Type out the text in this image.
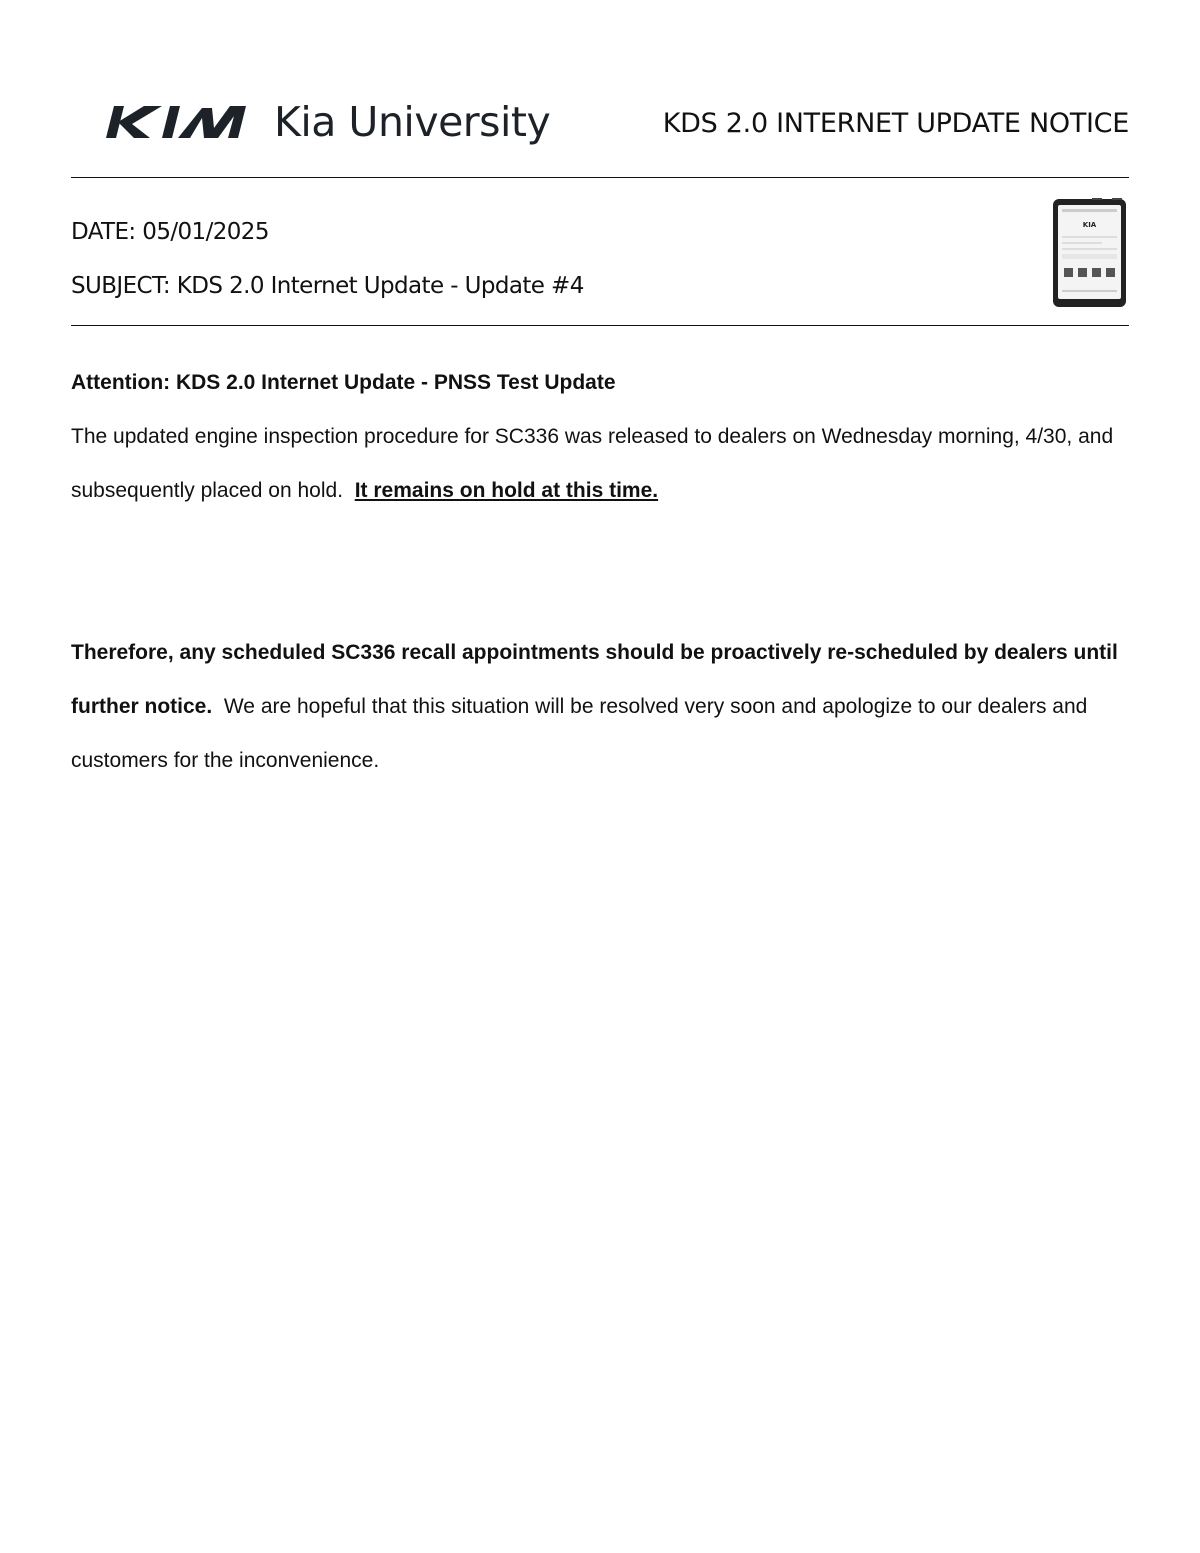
Kia University	KDS 2.0 INTERNET UPDATE NOTICE
DATE: 05/01/2025
SUBJECT: KDS 2.0 Internet Update - Update #4
KIA
Attention: KDS 2.0 Internet Update - PNSS Test Update
The updated engine inspection procedure for SC336 was released to dealers on Wednesday morning, 4/30, and subsequently placed on hold. It remains on hold at this time.
Therefore, any scheduled SC336 recall appointments should be proactively re-scheduled by dealers until further notice. We are hopeful that this situation will be resolved very soon and apologize to our dealers and customers for the inconvenience.
